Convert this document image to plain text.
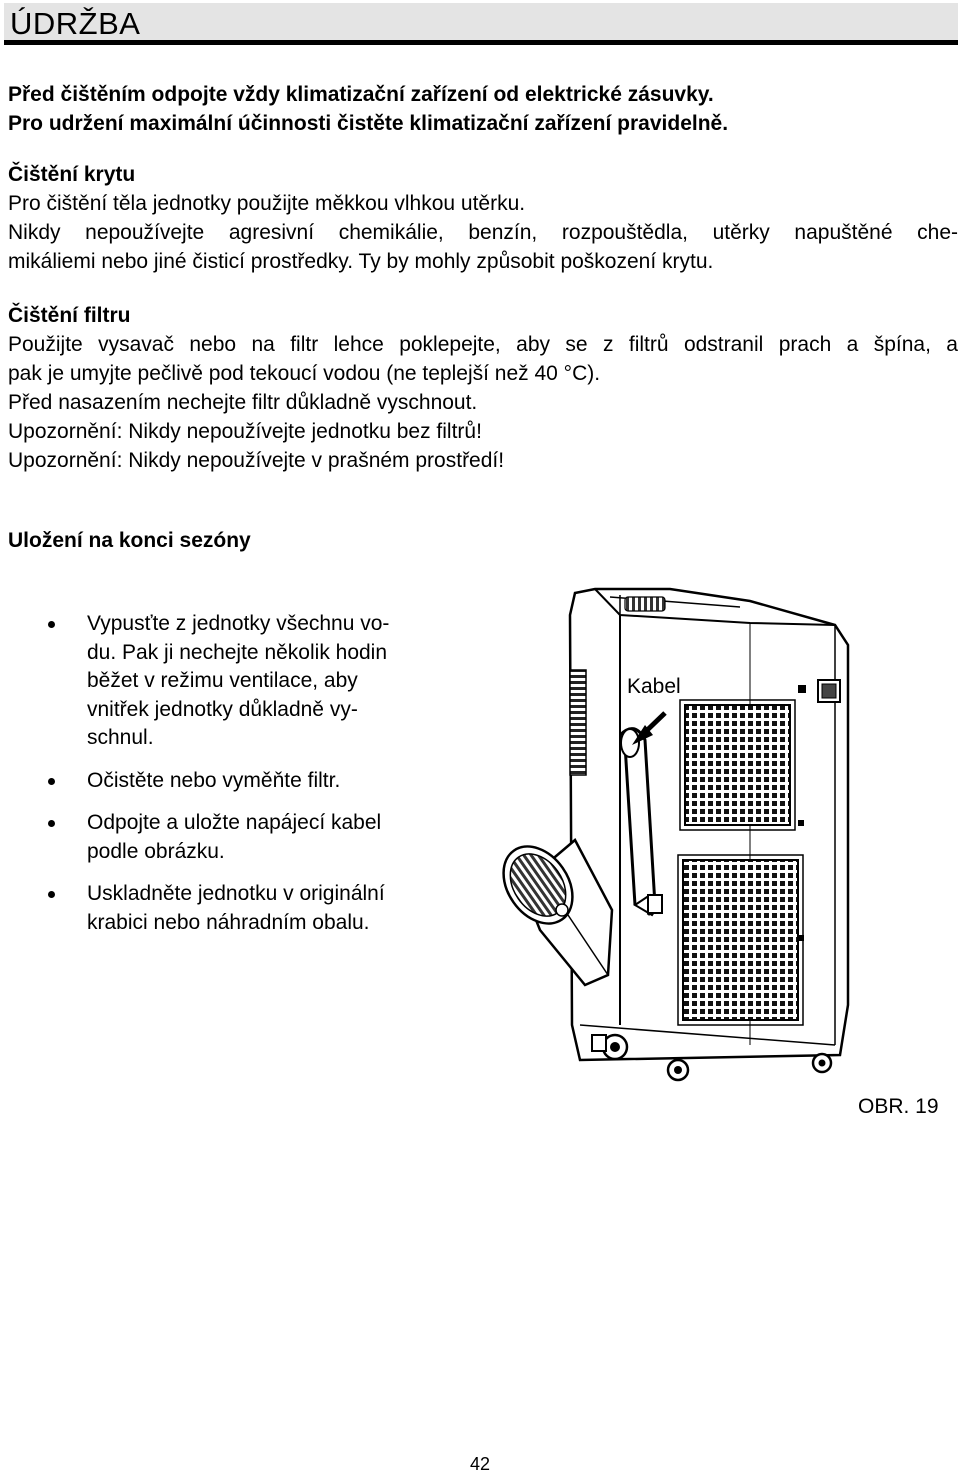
ÚDRŽBA

Před čištěním odpojte vždy klimatizační zařízení od elektrické zásuvky.

Pro udržení maximální účinnosti čistěte klimatizační zařízení pravidelně.

Čištění krytu

Pro čištění těla jednotky použijte měkkou vlhkou utěrku.

Nikdy nepoužívejte agresivní chemikálie, benzín, rozpouštědla, utěrky napuštěné che-

mikáliemi nebo jiné čisticí prostředky. Ty by mohly způsobit poškození krytu.

Čištění filtru

Použijte vysavač nebo na filtr lehce poklepejte, aby se z filtrů odstranil prach a špína, a

pak je umyjte pečlivě pod tekoucí vodou (ne teplejší než 40 °C).

Před nasazením nechejte filtr důkladně vyschnout.

Upozornění: Nikdy nepoužívejte jednotku bez filtrů!

Upozornění: Nikdy nepoužívejte v prašném prostředí!

Uložení na konci sezóny

Vypusťte z jednotky všechnu vo-
du. Pak ji nechejte několik hodin
běžet v režimu ventilace, aby
vnitřek jednotky důkladně vy-
schnul.
Očistěte nebo vyměňte filtr.
Odpojte a uložte napájecí kabel
podle obrázku.
Uskladněte jednotku v originální
krabici nebo náhradním obalu.
Kabel
OBR. 19
42
